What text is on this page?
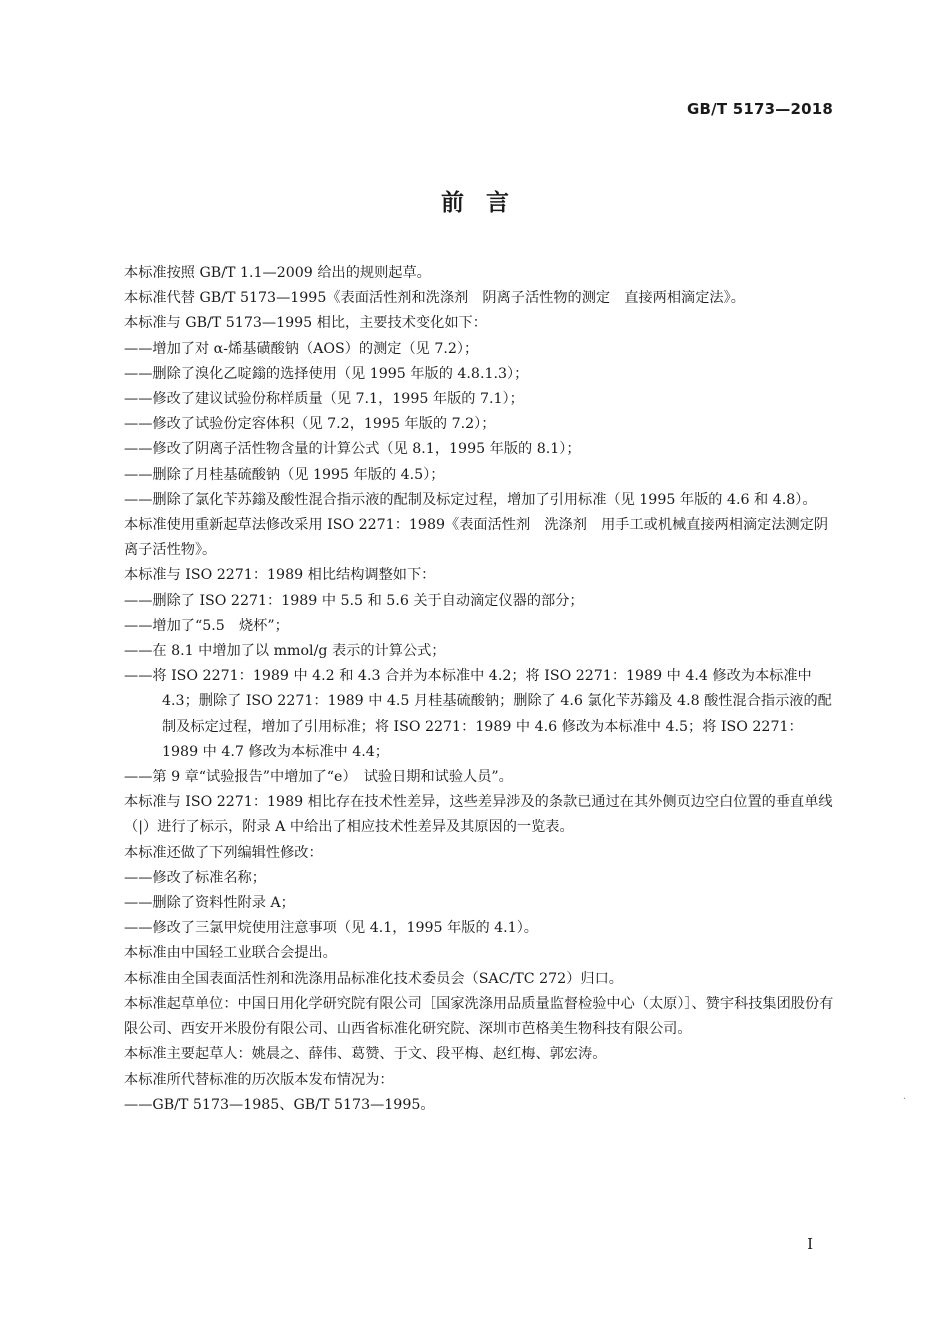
GB/T 5173—2018
前言

本标准按照 GB/T 1.1—2009 给出的规则起草。

本标准代替 GB/T 5173—1995《表面活性剂和洗涤剂　阴离子活性物的测定　直接两相滴定法》。

本标准与 GB/T 5173—1995 相比，主要技术变化如下：

——增加了对 α-烯基磺酸钠（AOS）的测定（见 7.2）；

——删除了溴化乙啶鎓的选择使用（见 1995 年版的 4.8.1.3）；

——修改了建议试验份称样质量（见 7.1，1995 年版的 7.1）；

——修改了试验份定容体积（见 7.2，1995 年版的 7.2）；

——修改了阴离子活性物含量的计算公式（见 8.1，1995 年版的 8.1）；

——删除了月桂基硫酸钠（见 1995 年版的 4.5）；

——删除了氯化苄苏鎓及酸性混合指示液的配制及标定过程，增加了引用标准（见 1995 年版的 4.6 和 4.8）。

本标准使用重新起草法修改采用 ISO 2271：1989《表面活性剂　洗涤剂　用手工或机械直接两相滴定法测定阴离子活性物》。

本标准与 ISO 2271：1989 相比结构调整如下：

——删除了 ISO 2271：1989 中 5.5 和 5.6 关于自动滴定仪器的部分；

——增加了“5.5　烧杯”；

——在 8.1 中增加了以 mmol/g 表示的计算公式；

——将 ISO 2271：1989 中 4.2 和 4.3 合并为本标准中 4.2；将 ISO 2271：1989 中 4.4 修改为本标准中 4.3；删除了 ISO 2271：1989 中 4.5 月桂基硫酸钠；删除了 4.6 氯化苄苏鎓及 4.8 酸性混合指示液的配制及标定过程，增加了引用标准；将 ISO 2271：1989 中 4.6 修改为本标准中 4.5；将 ISO 2271：1989 中 4.7 修改为本标准中 4.4；

——第 9 章“试验报告”中增加了“e）　试验日期和试验人员”。

本标准与 ISO 2271：1989 相比存在技术性差异，这些差异涉及的条款已通过在其外侧页边空白位置的垂直单线（|）进行了标示，附录 A 中给出了相应技术性差异及其原因的一览表。

本标准还做了下列编辑性修改：

——修改了标准名称；

——删除了资料性附录 A；

——修改了三氯甲烷使用注意事项（见 4.1，1995 年版的 4.1）。

本标准由中国轻工业联合会提出。

本标准由全国表面活性剂和洗涤用品标准化技术委员会（SAC/TC 272）归口。

本标准起草单位：中国日用化学研究院有限公司［国家洗涤用品质量监督检验中心（太原）］、赞宇科技集团股份有限公司、西安开米股份有限公司、山西省标准化研究院、深圳市芭格美生物科技有限公司。

本标准主要起草人：姚晨之、薛伟、葛赞、于文、段平梅、赵红梅、郭宏涛。

本标准所代替标准的历次版本发布情况为：

——GB/T 5173—1985、GB/T 5173—1995。	·
I
